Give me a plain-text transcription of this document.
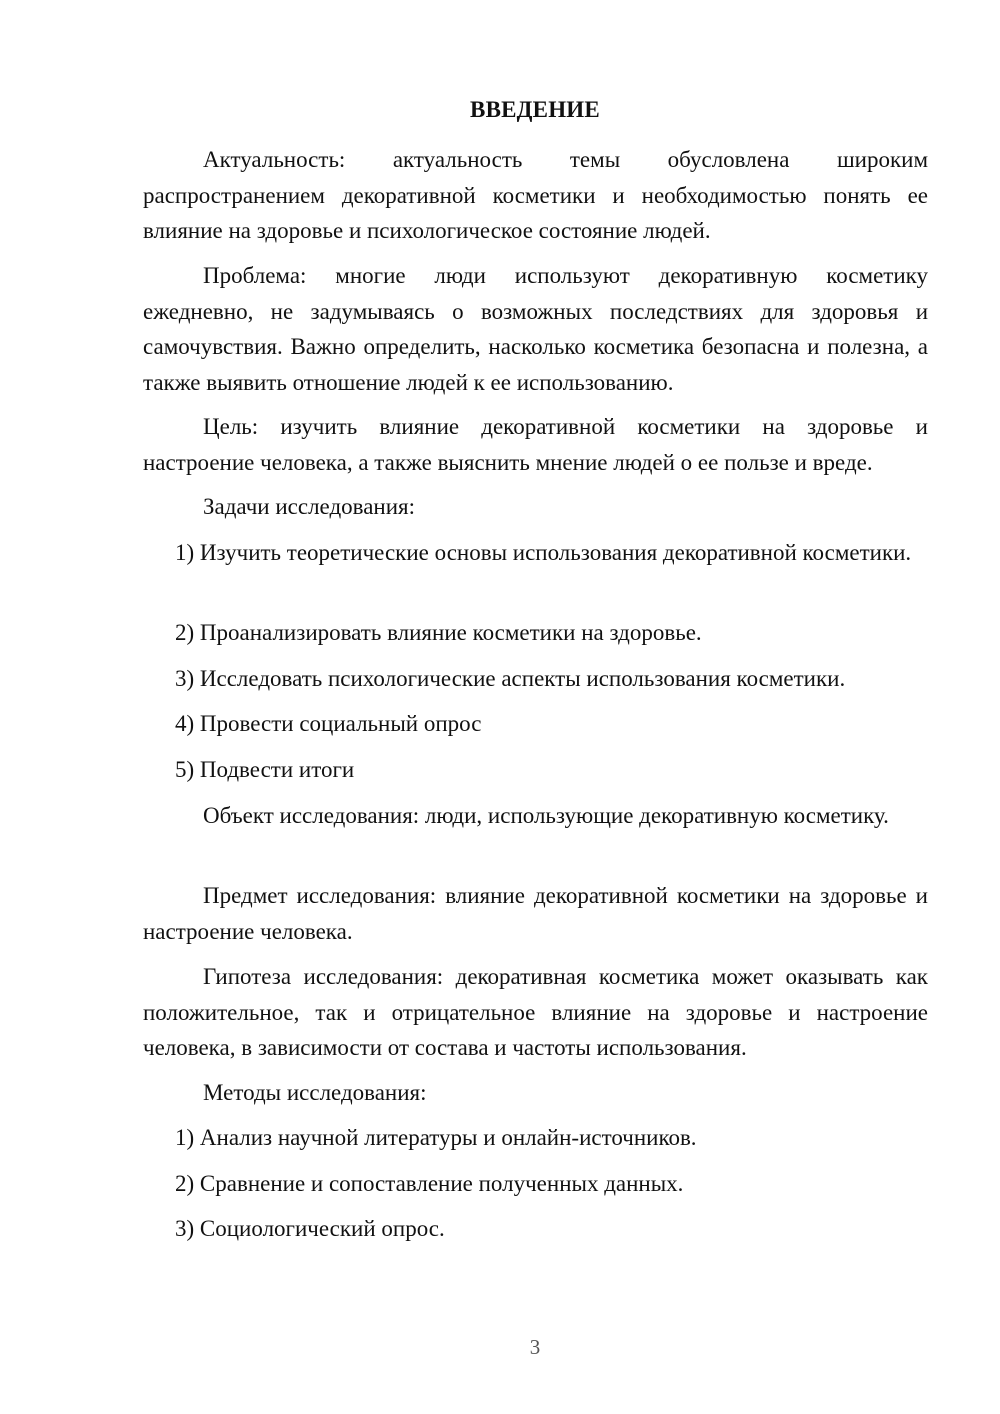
ВВЕДЕНИЕ

Актуальность: актуальность темы обусловлена широким распространением декоративной косметики и необходимостью понять ее влияние на здоровье и психологическое состояние людей.

Проблема: многие люди используют декоративную косметику ежедневно, не задумываясь о возможных последствиях для здоровья и самочувствия. Важно определить, насколько косметика безопасна и полезна, а также выявить отношение людей к ее использованию.

Цель: изучить влияние декоративной косметики на здоровье и настроение человека, а также выяснить мнение людей о ее пользе и вреде.

Задачи исследования:

1) Изучить теоретические основы использования декоративной косметики.

2) Проанализировать влияние косметики на здоровье.

3) Исследовать психологические аспекты использования косметики.

4) Провести социальный опрос

5) Подвести итоги

Объект исследования: люди, использующие декоративную косметику.

Предмет исследования: влияние декоративной косметики на здоровье и настроение человека.

Гипотеза исследования: декоративная косметика может оказывать как положительное, так и отрицательное влияние на здоровье и настроение человека, в зависимости от состава и частоты использования.

Методы исследования:

1) Анализ научной литературы и онлайн-источников.

2) Сравнение и сопоставление полученных данных.

3) Социологический опрос.

3
